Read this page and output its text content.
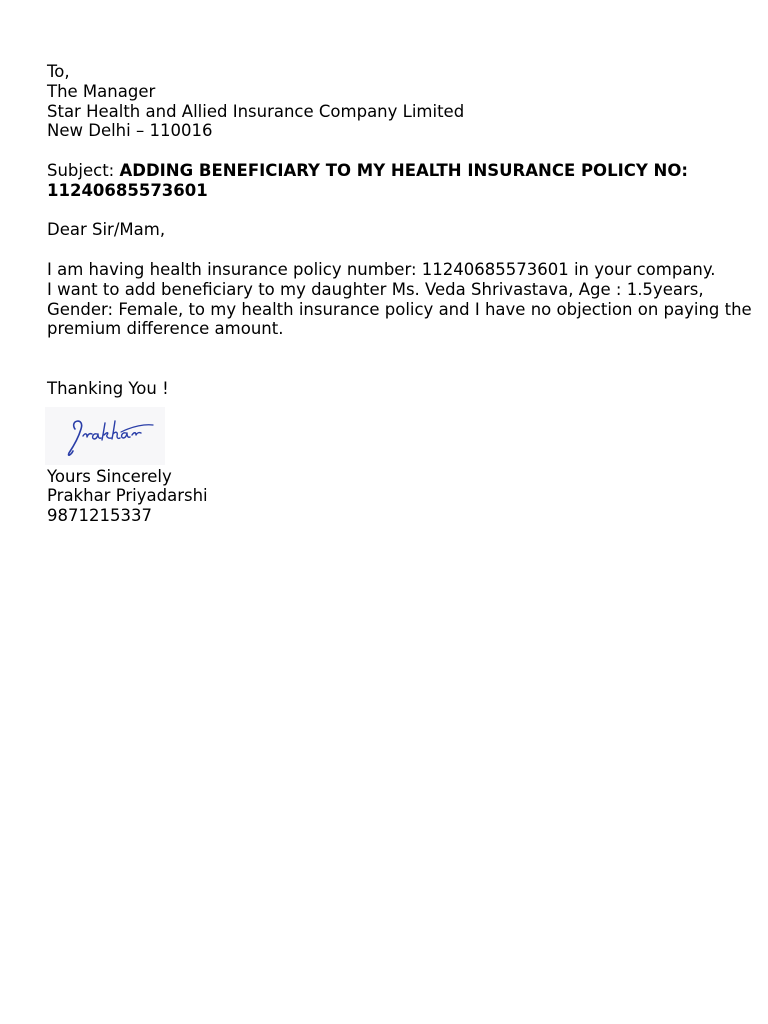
To,
The Manager
Star Health and Allied Insurance Company Limited
New Delhi – 110016
Subject: ADDING BENEFICIARY TO MY HEALTH INSURANCE POLICY NO: 11240685573601
Dear Sir/Mam,
I am having health insurance policy number: 11240685573601 in your company.
I want to add beneficiary to my daughter Ms. Veda Shrivastava, Age : 1.5years,
Gender: Female, to my health insurance policy and I have no objection on paying the premium difference amount.
Thanking You !
Yours Sincerely
Prakhar Priyadarshi
9871215337
